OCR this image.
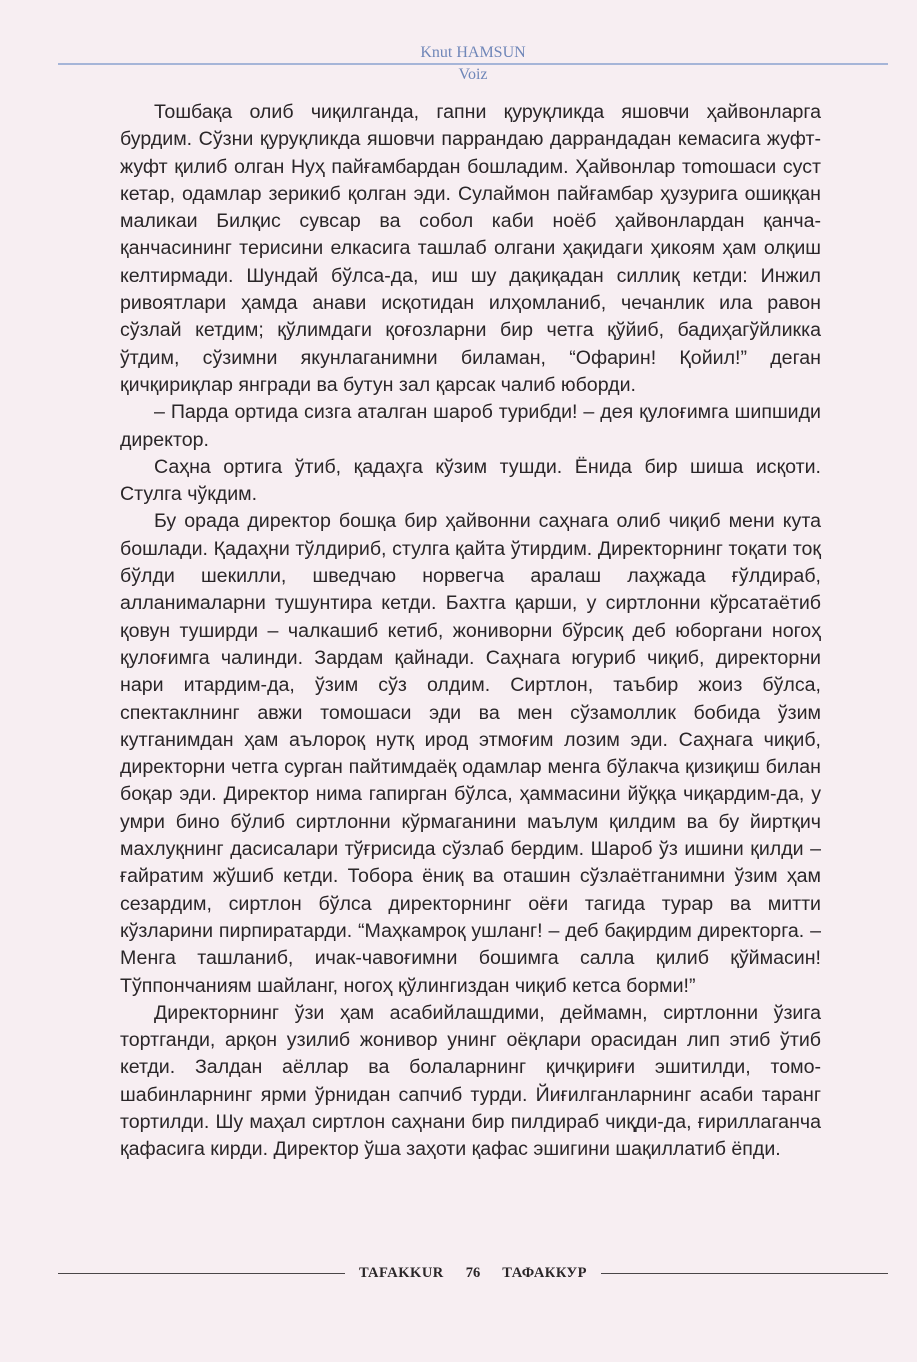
Knut HAMSUN
Voiz

Тошбақа олиб чиқилганда, гапни қуруқликда яшовчи ҳайвонларга бурдим. Сўзни қуруқликда яшовчи паррандаю даррандадан кемасига жуфт-жуфт қилиб олган Нуҳ пайғамбардан бошладим. Ҳайвонлар тоmошаси суст кетар, одамлар зерикиб қолган эди. Сулаймон пайғамбар ҳузурига ошиққан маликаи Билқис сувсар ва собол каби ноёб ҳайвонлардан қанча-қанчасининг терисини елкасига ташлаб олгани ҳақидаги ҳикоям ҳам олқиш келтирмади. Шундай бўлса-да, иш шу дақиқадан силлиқ кетди: Инжил ривоятлари ҳамда анави исқотидан илҳомланиб, чечанлик ила равон сўзлай кетдим; қўлимдаги қоғозларни бир четга қўйиб, бадиҳагўйликка ўтдим, сўзимни якунлаганимни биламан, “Офарин! Қойил!” деган қичқириқлар янгради ва бутун зал қарсак чалиб юборди.

– Парда ортида сизга аталган шароб турибди! – дея қулоғимга шипшиди директор.

Саҳна ортига ўтиб, қадаҳга кўзим тушди. Ёнида бир шиша исқоти. Стулга чўкдим.

Бу орада директор бошқа бир ҳайвонни саҳнага олиб чиқиб мени кута бошлади. Қадаҳни тўлдириб, стулга қайта ўтирдим. Директорнинг тоқати тоқ бўлди шекилли, шведчаю норвегча аралаш лаҳжада ғўлдираб, алланималарни тушунтира кетди. Бахтга қарши, у сиртлонни кўрсатаётиб қовун туширди – чалкашиб кетиб, жониворни бўрсиқ деб юборгани ногоҳ қулоғимга чалинди. Зардам қайнади. Саҳнага югуриб чиқиб, директорни нари итардим-да, ўзим сўз олдим. Сиртлон, таъбир жоиз бўлса, спектаклнинг авжи томошаси эди ва мен сўзамоллик бобида ўзим кутганимдан ҳам аълороқ нутқ ирод этмоғим лозим эди. Саҳнага чиқиб, директорни четга сурган пайтимдаёқ одамлар менга бўлакча қизиқиш билан боқар эди. Директор нима гапирган бўлса, ҳаммасини йўққа чиқардим-да, у умри бино бўлиб сиртлонни кўрмаганини маълум қилдим ва бу йиртқич махлуқнинг дасисалари тўғрисида сўзлаб бердим. Шароб ўз ишини қилди – ғайратим жўшиб кетди. Тобора ёниқ ва оташин сўзлаётганимни ўзим ҳам сезардим, сиртлон бўлса директорнинг оёғи тагида турар ва митти кўзларини пирпиратарди. “Маҳкамроқ ушланг! – деб бақирдим директорга. – Менга ташланиб, ичак-чавоғимни бошимга салла қилиб қўймасин! Тўппончаниям шайланг, ногоҳ қўлингиздан чиқиб кетса борми!”

Директорнинг ўзи ҳам асабийлашдими, деймамн, сиртлонни ўзига тортганди, арқон узилиб жонивор унинг оёқлари орасидан лип этиб ўтиб кетди. Залдан аёллар ва болаларнинг қичқириғи эшитилди, томошабинларнинг ярми ўрнидан сапчиб турди. Йиғилганларнинг асаби таранг тортилди. Шу маҳал сиртлон саҳнани бир пилдираб чиқди-да, ғириллаганча қафасига кирди. Директор ўша заҳоти қафас эшигини шақиллатиб ёпди.

TAFAKKUR 76 ТАФАККУР
